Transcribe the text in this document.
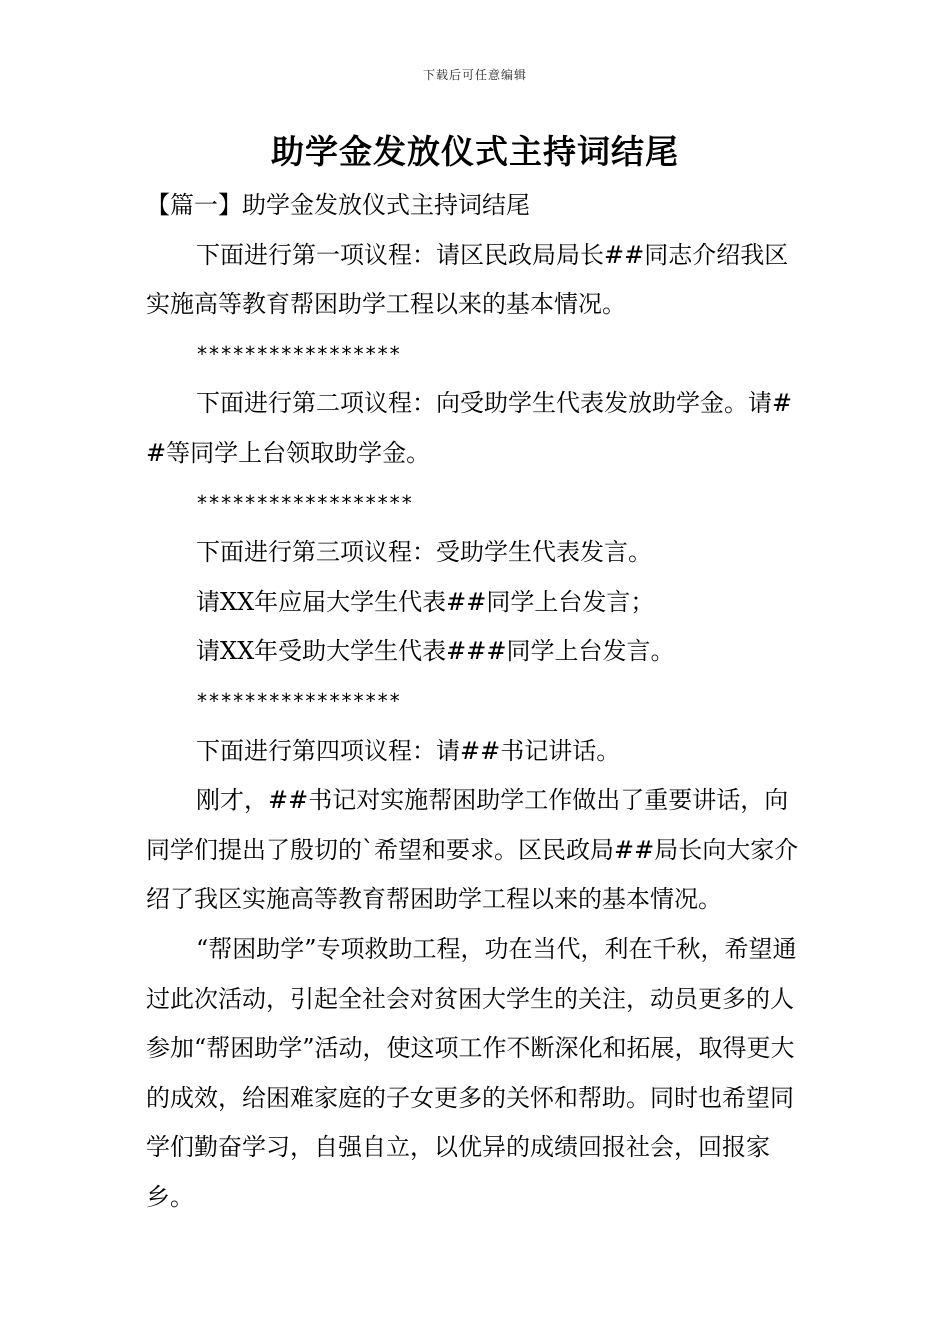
下载后可任意编辑
助学金发放仪式主持词结尾

【篇一】助学金发放仪式主持词结尾

下面进行第一项议程：请区民政局局长##同志介绍我区实施高等教育帮困助学工程以来的基本情况。

*****************

下面进行第二项议程：向受助学生代表发放助学金。请##等同学上台领取助学金。

******************

下面进行第三项议程：受助学生代表发言。

请XX年应届大学生代表##同学上台发言；

请XX年受助大学生代表###同学上台发言。

*****************

下面进行第四项议程：请##书记讲话。

刚才，##书记对实施帮困助学工作做出了重要讲话，向同学们提出了殷切的`希望和要求。区民政局##局长向大家介绍了我区实施高等教育帮困助学工程以来的基本情况。

“帮困助学”专项救助工程，功在当代，利在千秋，希望通过此次活动，引起全社会对贫困大学生的关注，动员更多的人参加“帮困助学”活动，使这项工作不断深化和拓展，取得更大的成效，给困难家庭的子女更多的关怀和帮助。同时也希望同学们勤奋学习，自强自立，以优异的成绩回报社会，回报家乡。
